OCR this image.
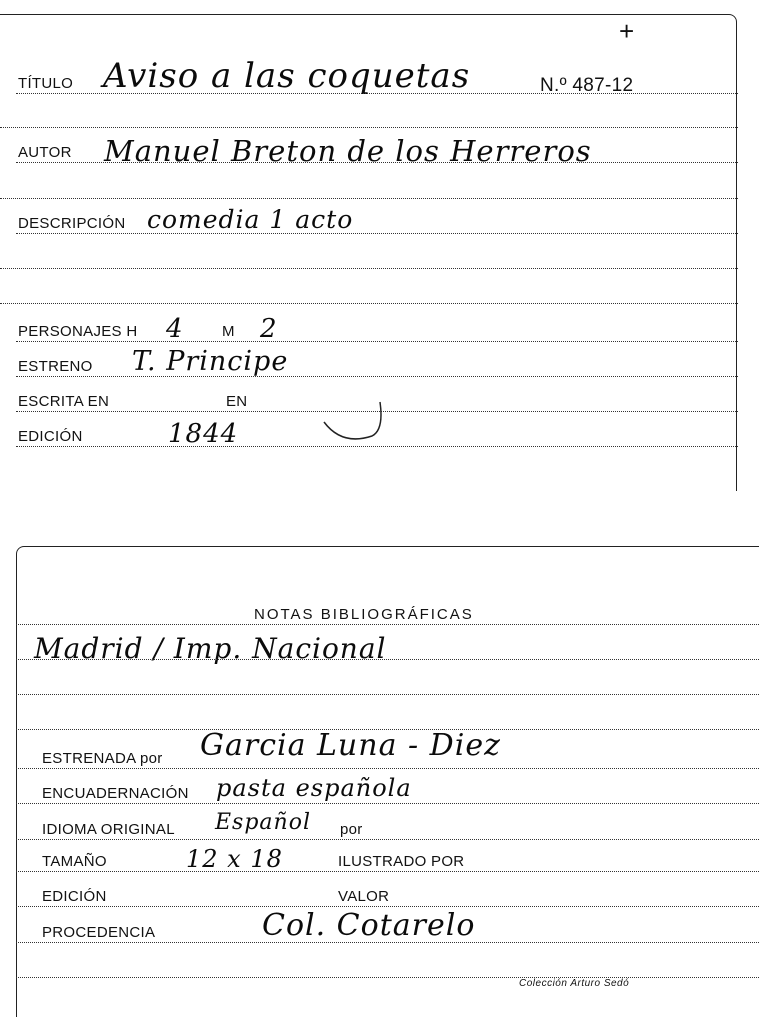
+
TÍTULO Aviso a las coquetas	N.º 487-12
AUTOR Manuel Breton de los Herreros
DESCRIPCIÓN comedia 1 acto
PERSONAJES H 4	M 2
ESTRENO T. Principe
ESCRITA EN	EN
EDICIÓN	1844
NOTAS BIBLIOGRÁFICAS
Madrid / Imp. Nacional
ESTRENADA por Garcia Luna - Diez
ENCUADERNACIÓN pasta española
IDIOMA ORIGINAL Español por
TAMAÑO	12 x 18	ILUSTRADO POR
EDICIÓN	VALOR
PROCEDENCIA	Col. Cotarelo
Colección Arturo Sedó
